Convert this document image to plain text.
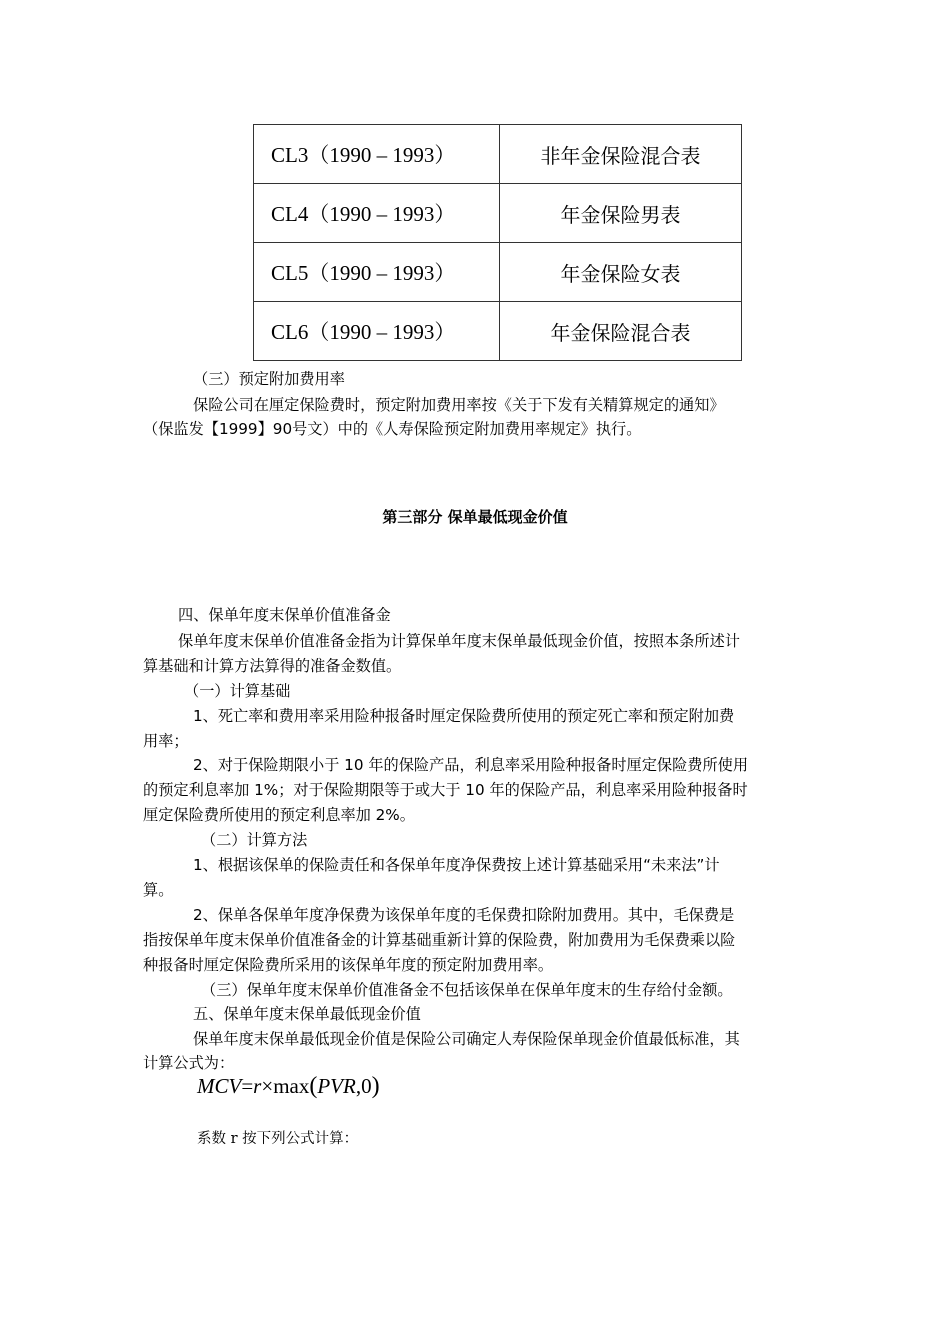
CL3（1990 – 1993）	非年金保险混合表
CL4（1990 – 1993）	年金保险男表
CL5（1990 – 1993）	年金保险女表
CL6（1990 – 1993）	年金保险混合表
（三）预定附加费用率
保险公司在厘定保险费时，预定附加费用率按《关于下发有关精算规定的通知》
（保监发【1999】90号文）中的《人寿保险预定附加费用率规定》执行。
第三部分 保单最低现金价值
四、保单年度末保单价值准备金
保单年度末保单价值准备金指为计算保单年度末保单最低现金价值，按照本条所述计
算基础和计算方法算得的准备金数值。
（一）计算基础
1、死亡率和费用率采用险种报备时厘定保险费所使用的预定死亡率和预定附加费
用率；
2、对于保险期限小于 10 年的保险产品，利息率采用险种报备时厘定保险费所使用
的预定利息率加 1%；对于保险期限等于或大于 10 年的保险产品，利息率采用险种报备时
厘定保险费所使用的预定利息率加 2%。
（二）计算方法
1、根据该保单的保险责任和各保单年度净保费按上述计算基础采用“未来法”计
算。
2、保单各保单年度净保费为该保单年度的毛保费扣除附加费用。其中，毛保费是
指按保单年度末保单价值准备金的计算基础重新计算的保险费，附加费用为毛保费乘以险
种报备时厘定保险费所采用的该保单年度的预定附加费用率。
（三）保单年度末保单价值准备金不包括该保单在保单年度末的生存给付金额。
五、保单年度末保单最低现金价值
保单年度末保单最低现金价值是保险公司确定人寿保险保单现金价值最低标准，其
计算公式为：
MCV=r×max(PVR,0)
系数 r 按下列公式计算：
